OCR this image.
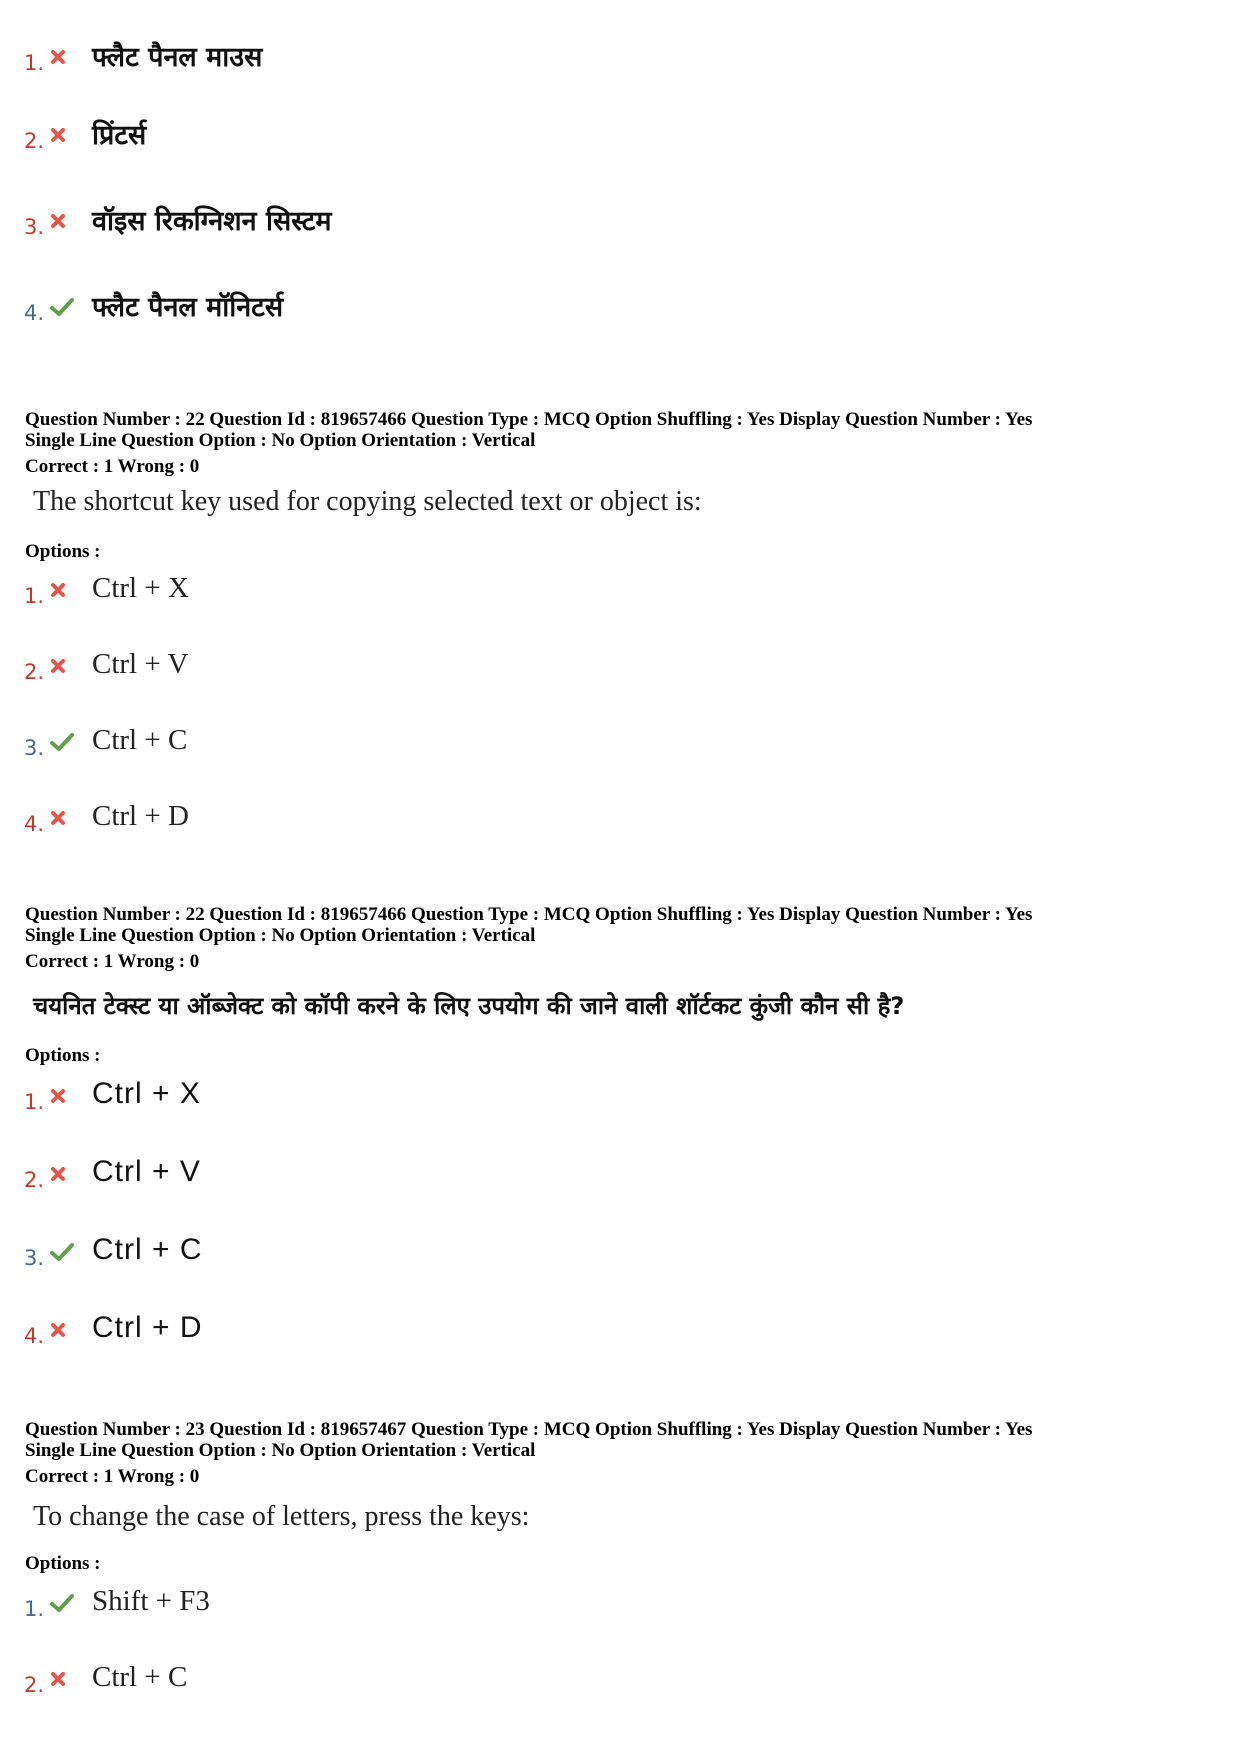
1. फ्लैट पैनल माउस
2. प्रिंटर्स
3. वॉइस रिकग्निशन सिस्टम
4. फ्लैट पैनल मॉनिटर्स
Question Number : 22 Question Id : 819657466 Question Type : MCQ Option Shuffling : Yes Display Question Number : Yes
Single Line Question Option : No Option Orientation : Vertical
Correct : 1 Wrong : 0
The shortcut key used for copying selected text or object is:
Options :
1. Ctrl + X
2. Ctrl + V
3. Ctrl + C
4. Ctrl + D
Question Number : 22 Question Id : 819657466 Question Type : MCQ Option Shuffling : Yes Display Question Number : Yes
Single Line Question Option : No Option Orientation : Vertical
Correct : 1 Wrong : 0
चयनित टेक्स्ट या ऑब्जेक्ट को कॉपी करने के लिए उपयोग की जाने वाली शॉर्टकट कुंजी कौन सी है?
Options :
1. Ctrl + X
2. Ctrl + V
3. Ctrl + C
4. Ctrl + D
Question Number : 23 Question Id : 819657467 Question Type : MCQ Option Shuffling : Yes Display Question Number : Yes
Single Line Question Option : No Option Orientation : Vertical
Correct : 1 Wrong : 0
To change the case of letters, press the keys:
Options :
1. Shift + F3
2. Ctrl + C
